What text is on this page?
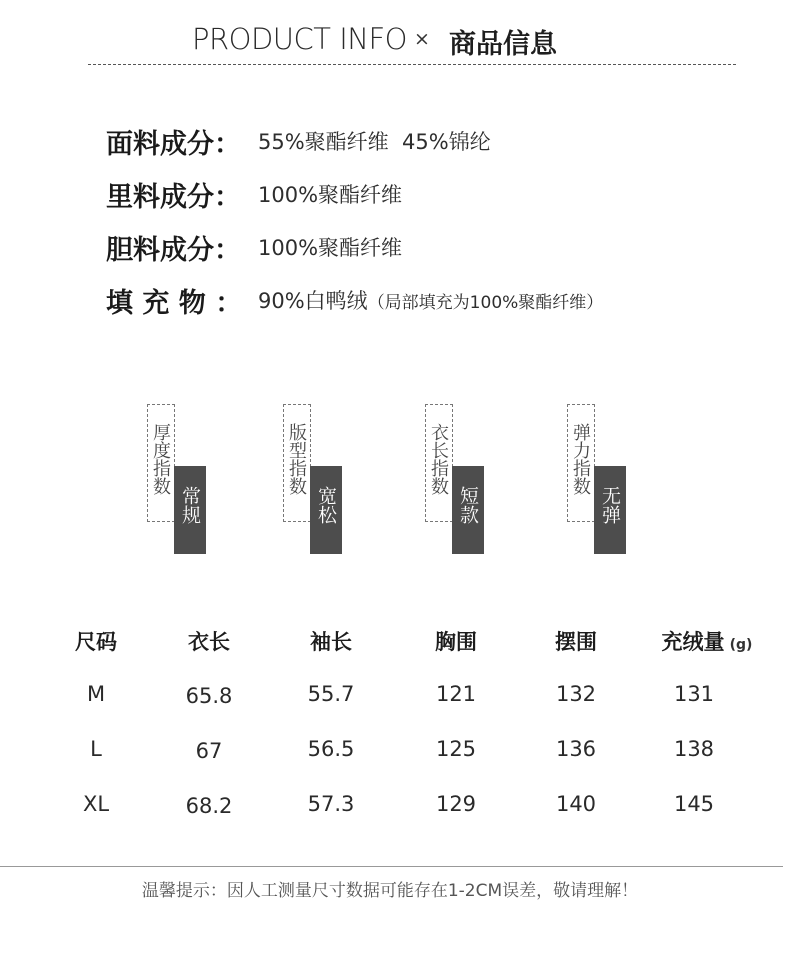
PRODUCT INFO × 商品信息
面料成分： 55%聚酯纤维  45%锦纶
里料成分： 100%聚酯纤维
胆料成分： 100%聚酯纤维
填 充 物 ： 90%白鸭绒（局部填充为100%聚酯纤维）
厚度指数
常规
版型指数
宽松
衣长指数
短款
弹力指数
无弹
尺码	衣长	袖长	胸围	摆围	充绒量 (g)
M	65.8	55.7	121	132	131
L	67	56.5	125	136	138
XL	68.2	57.3	129	140	145
温馨提示：因人工测量尺寸数据可能存在1-2CM误差，敬请理解！
